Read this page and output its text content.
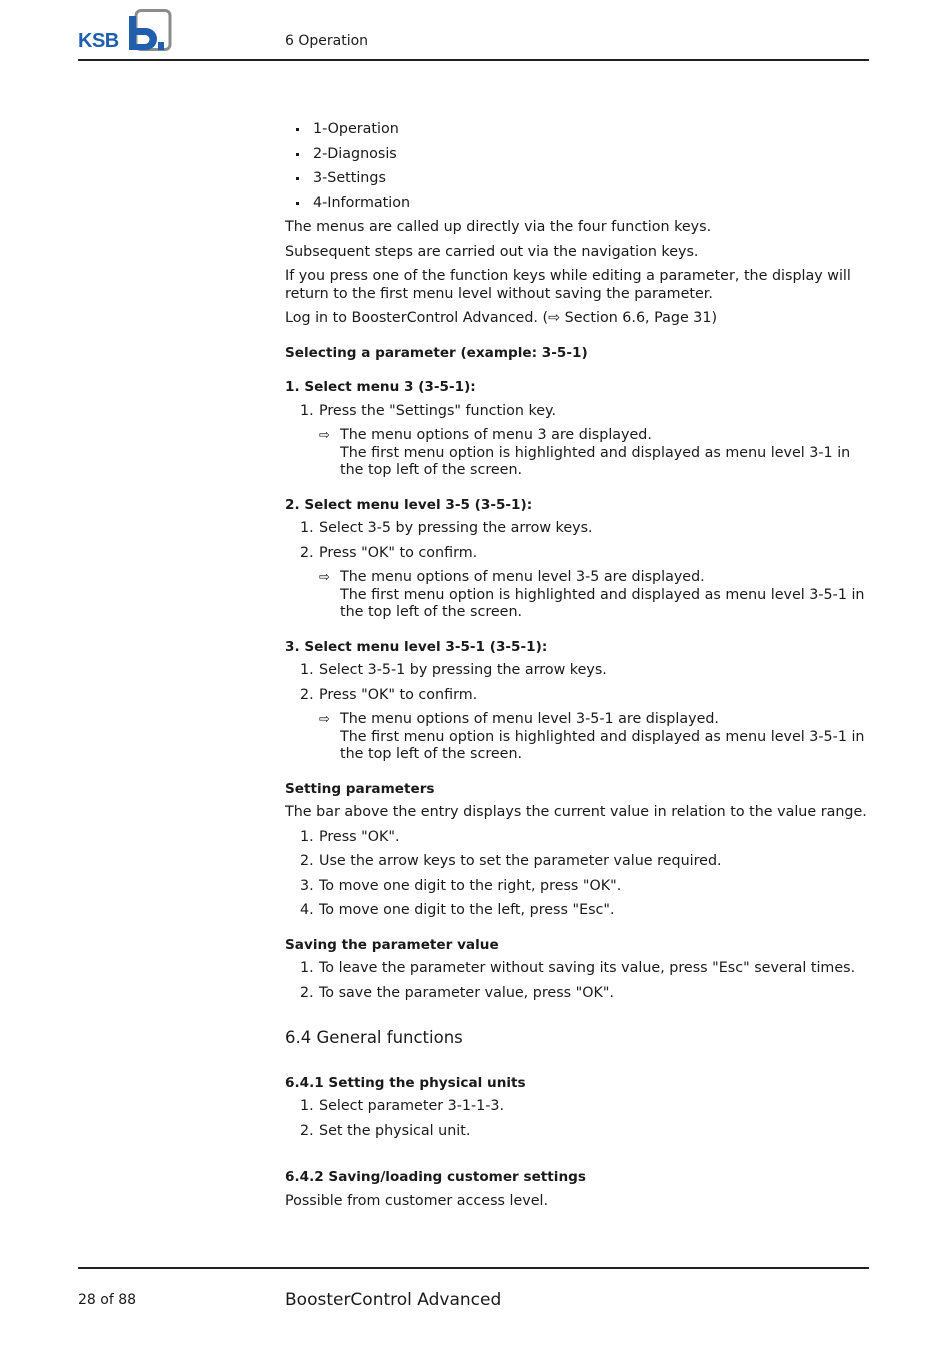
KSB	6 Operation
1-Operation
2-Diagnosis
3-Settings
4-Information

The menus are called up directly via the four function keys.

Subsequent steps are carried out via the navigation keys.

If you press one of the function keys while editing a parameter, the display will return to the first menu level without saving the parameter.

Log in to BoosterControl Advanced. (⇨ Section 6.6, Page 31)

Selecting a parameter (example: 3-5-1)

1. Select menu 3 (3-5-1):

1. Press the "Settings" function key.
⇨ The menu options of menu 3 are displayed.
The first menu option is highlighted and displayed as menu level 3-1 in the top left of the screen.

2. Select menu level 3-5 (3-5-1):

1. Select 3-5 by pressing the arrow keys.
2. Press "OK" to confirm.
⇨ The menu options of menu level 3-5 are displayed.
The first menu option is highlighted and displayed as menu level 3-5-1 in the top left of the screen.

3. Select menu level 3-5-1 (3-5-1):

1. Select 3-5-1 by pressing the arrow keys.
2. Press "OK" to confirm.
⇨ The menu options of menu level 3-5-1 are displayed.
The first menu option is highlighted and displayed as menu level 3-5-1 in the top left of the screen.

Setting parameters

The bar above the entry displays the current value in relation to the value range.

1. Press "OK".
2. Use the arrow keys to set the parameter value required.
3. To move one digit to the right, press "OK".
4. To move one digit to the left, press "Esc".

Saving the parameter value

1. To leave the parameter without saving its value, press "Esc" several times.
2. To save the parameter value, press "OK".

6.4 General functions

6.4.1 Setting the physical units

1. Select parameter 3-1-1-3.
2. Set the physical unit.

6.4.2 Saving/loading customer settings

Possible from customer access level.

28 of 88	BoosterControl Advanced
